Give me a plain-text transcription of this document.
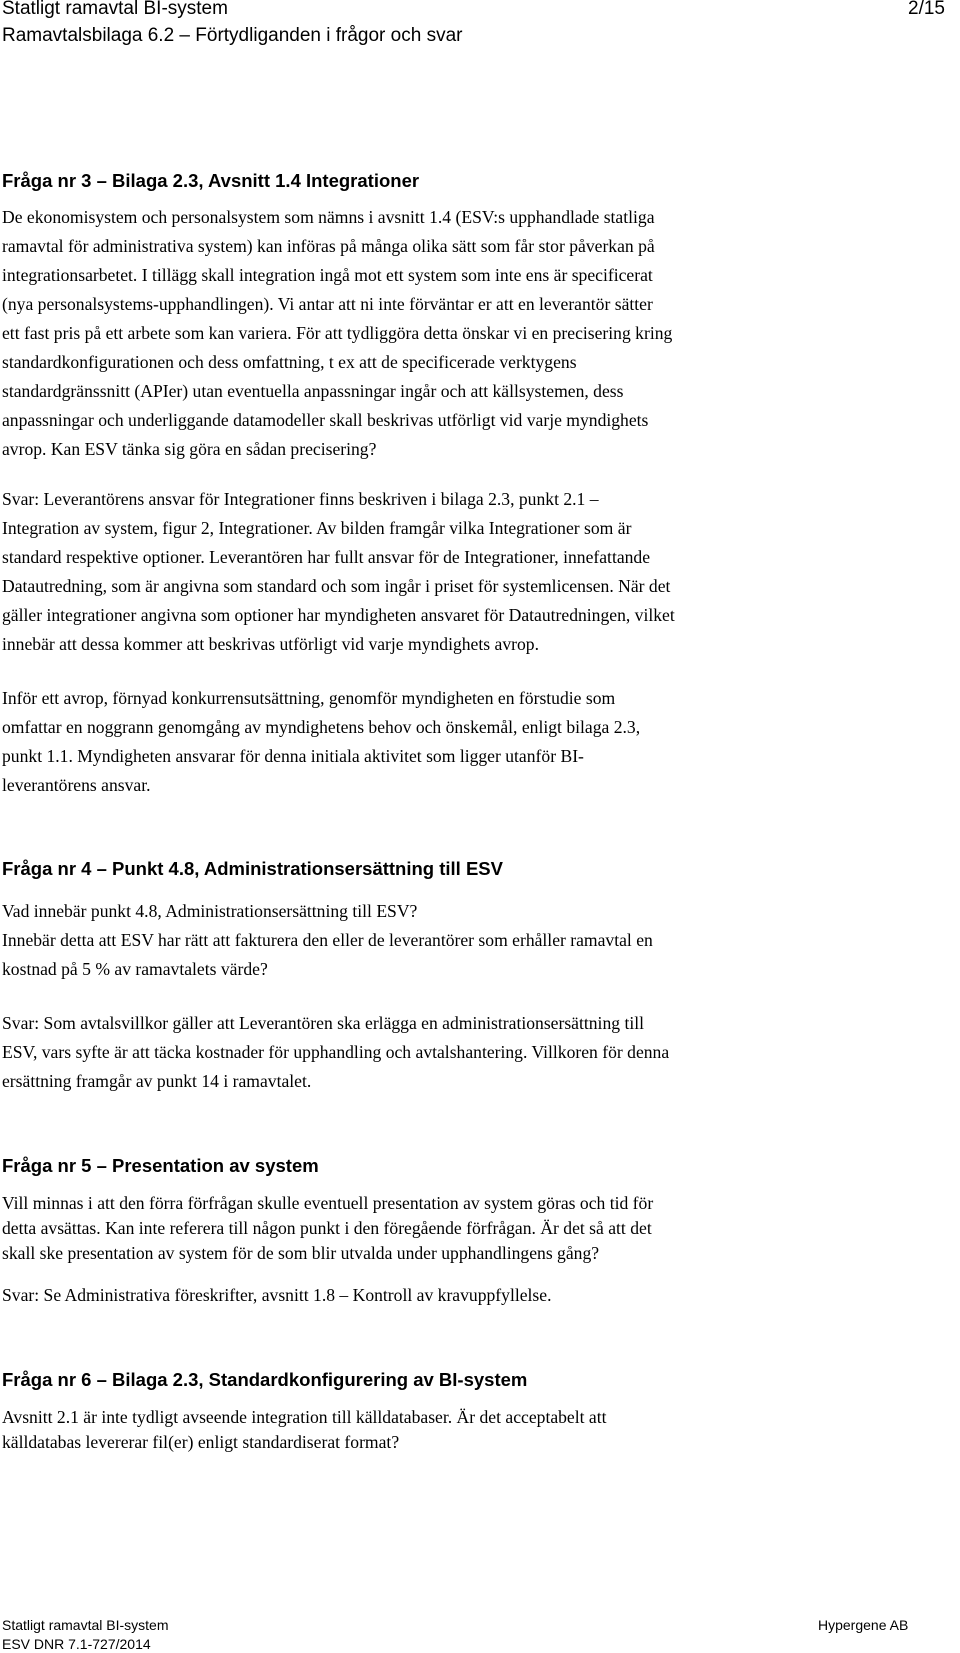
Statligt ramavtal BI-system	2/15
Ramavtalsbilaga 6.2 – Förtydliganden i frågor och svar
Fråga nr 3 – Bilaga 2.3, Avsnitt 1.4 Integrationer
De ekonomisystem och personalsystem som nämns i avsnitt 1.4 (ESV:s upphandlade statliga
ramavtal för administrativa system) kan införas på många olika sätt som får stor påverkan på
integrationsarbetet. I tillägg skall integration ingå mot ett system som inte ens är specificerat
(nya personalsystems-upphandlingen). Vi antar att ni inte förväntar er att en leverantör sätter
ett fast pris på ett arbete som kan variera. För att tydliggöra detta önskar vi en precisering kring
standardkonfigurationen och dess omfattning, t ex att de specificerade verktygens
standardgränssnitt (APIer) utan eventuella anpassningar ingår och att källsystemen, dess
anpassningar och underliggande datamodeller skall beskrivas utförligt vid varje myndighets
avrop. Kan ESV tänka sig göra en sådan precisering?
Svar: Leverantörens ansvar för Integrationer finns beskriven i bilaga 2.3, punkt 2.1 –
Integration av system, figur 2, Integrationer. Av bilden framgår vilka Integrationer som är
standard respektive optioner. Leverantören har fullt ansvar för de Integrationer, innefattande
Datautredning, som är angivna som standard och som ingår i priset för systemlicensen. När det
gäller integrationer angivna som optioner har myndigheten ansvaret för Datautredningen, vilket
innebär att dessa kommer att beskrivas utförligt vid varje myndighets avrop.
Inför ett avrop, förnyad konkurrensutsättning, genomför myndigheten en förstudie som
omfattar en noggrann genomgång av myndighetens behov och önskemål, enligt bilaga 2.3,
punkt 1.1. Myndigheten ansvarar för denna initiala aktivitet som ligger utanför BI-
leverantörens ansvar.
Fråga nr 4 – Punkt 4.8, Administrationsersättning till ESV
Vad innebär punkt 4.8, Administrationsersättning till ESV?
Innebär detta att ESV har rätt att fakturera den eller de leverantörer som erhåller ramavtal en
kostnad på 5 % av ramavtalets värde?
Svar: Som avtalsvillkor gäller att Leverantören ska erlägga en administrationsersättning till
ESV, vars syfte är att täcka kostnader för upphandling och avtalshantering. Villkoren för denna
ersättning framgår av punkt 14 i ramavtalet.
Fråga nr 5 – Presentation av system
Vill minnas i att den förra förfrågan skulle eventuell presentation av system göras och tid för
detta avsättas. Kan inte referera till någon punkt i den föregående förfrågan. Är det så att det
skall ske presentation av system för de som blir utvalda under upphandlingens gång?
Svar: Se Administrativa föreskrifter, avsnitt 1.8 – Kontroll av kravuppfyllelse.
Fråga nr 6 – Bilaga 2.3, Standardkonfigurering av BI-system
Avsnitt 2.1 är inte tydligt avseende integration till källdatabaser. Är det acceptabelt att
källdatabas levererar fil(er) enligt standardiserat format?
Statligt ramavtal BI-system	Hypergene AB
ESV DNR 7.1-727/2014
